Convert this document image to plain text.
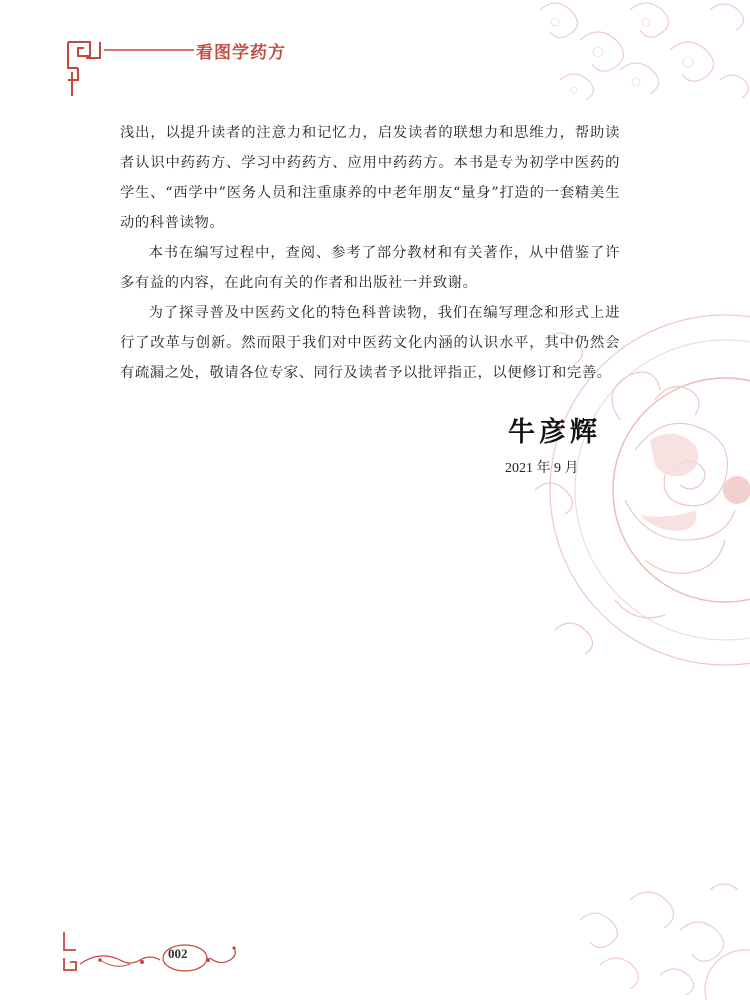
看图学药方

浅出，以提升读者的注意力和记忆力，启发读者的联想力和思维力，帮助读者认识中药药方、学习中药药方、应用中药药方。本书是专为初学中医药的学生、“西学中”医务人员和注重康养的中老年朋友“量身”打造的一套精美生动的科普读物。

本书在编写过程中，查阅、参考了部分教材和有关著作，从中借鉴了许多有益的内容，在此向有关的作者和出版社一并致谢。

为了探寻普及中医药文化的特色科普读物，我们在编写理念和形式上进行了改革与创新。然而限于我们对中医药文化内涵的认识水平，其中仍然会有疏漏之处，敬请各位专家、同行及读者予以批评指正，以便修订和完善。

牛彦辉
2021 年 9 月
002
